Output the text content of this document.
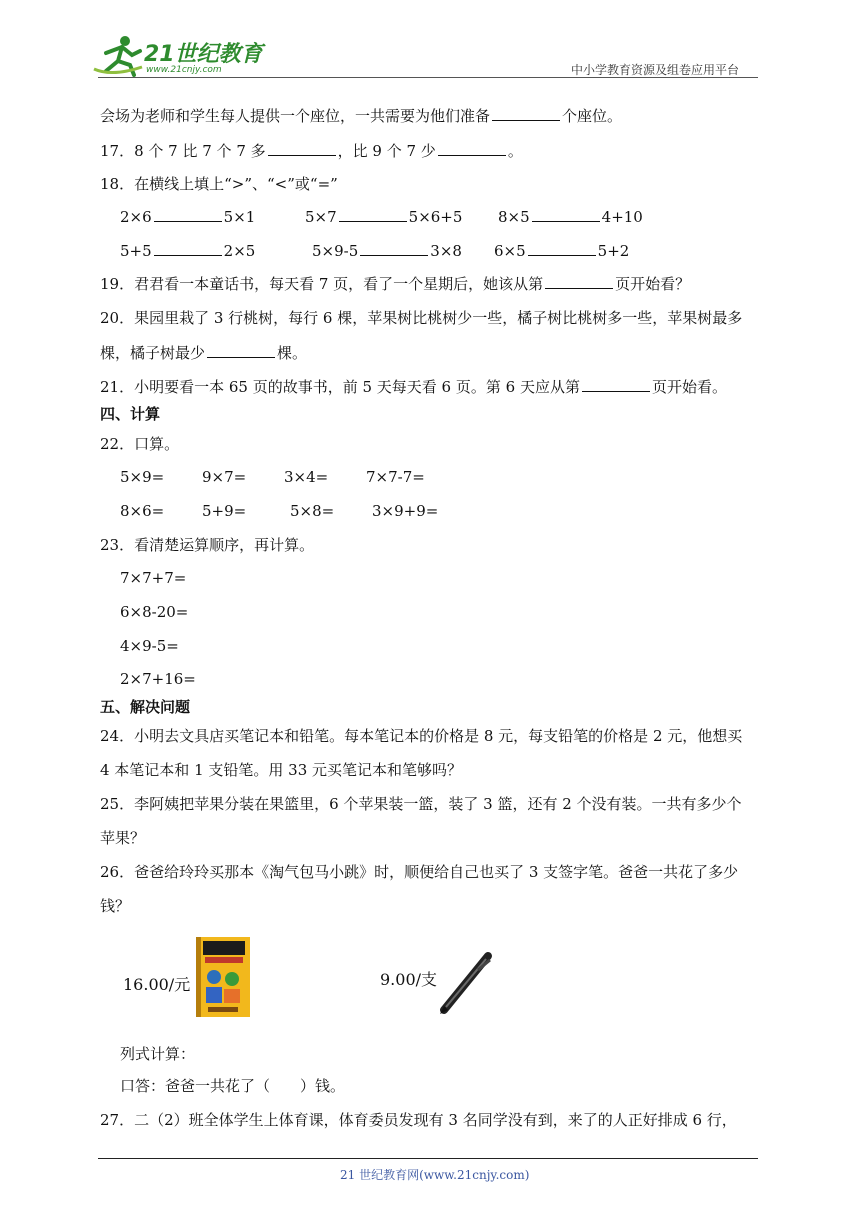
21世纪教育
www.21cnjy.com	中小学教育资源及组卷应用平台
会场为老师和学生每人提供一个座位，一共需要为他们准备	个座位。
17．8 个 7 比 7 个 7 多	，比 9 个 7 少	。
18．在横线上填上“>”、“<”或“=”
2×6	5×1	5×7	5×6+5 8×5	4+10
5+5	2×5	5×9-5	3×8 6×5	5+2
19．君君看一本童话书，每天看 7 页，看了一个星期后，她该从第	页开始看？
20．果园里栽了 3 行桃树，每行 6 棵，苹果树比桃树少一些，橘子树比桃树多一些，苹果树最多
棵，橘子树最少	棵。
21．小明要看一本 65 页的故事书，前 5 天每天看 6 页。第 6 天应从第	页开始看。
四、计算
22．口算。
5×9=	9×7=	3×4=	7×7-7=
8×6=	5+9=	5×8=	3×9+9=
23．看清楚运算顺序，再计算。
7×7+7=
6×8-20=
4×9-5=
2×7+16=
五、解决问题
24．小明去文具店买笔记本和铅笔。每本笔记本的价格是 8 元，每支铅笔的价格是 2 元，他想买
4 本笔记本和 1 支铅笔。用 33 元买笔记本和笔够吗？
25．李阿姨把苹果分装在果篮里，6 个苹果装一篮，装了 3 篮，还有 2 个没有装。一共有多少个
苹果？
26．爸爸给玲玲买那本《淘气包马小跳》时，顺便给自己也买了 3 支签字笔。爸爸一共花了多少
钱？
16.00/元	9.00/支
列式计算：
口答：爸爸一共花了（　　）钱。
27．二（2）班全体学生上体育课，体育委员发现有 3 名同学没有到，来了的人正好排成 6 行，
21 世纪教育网(www.21cnjy.com)
